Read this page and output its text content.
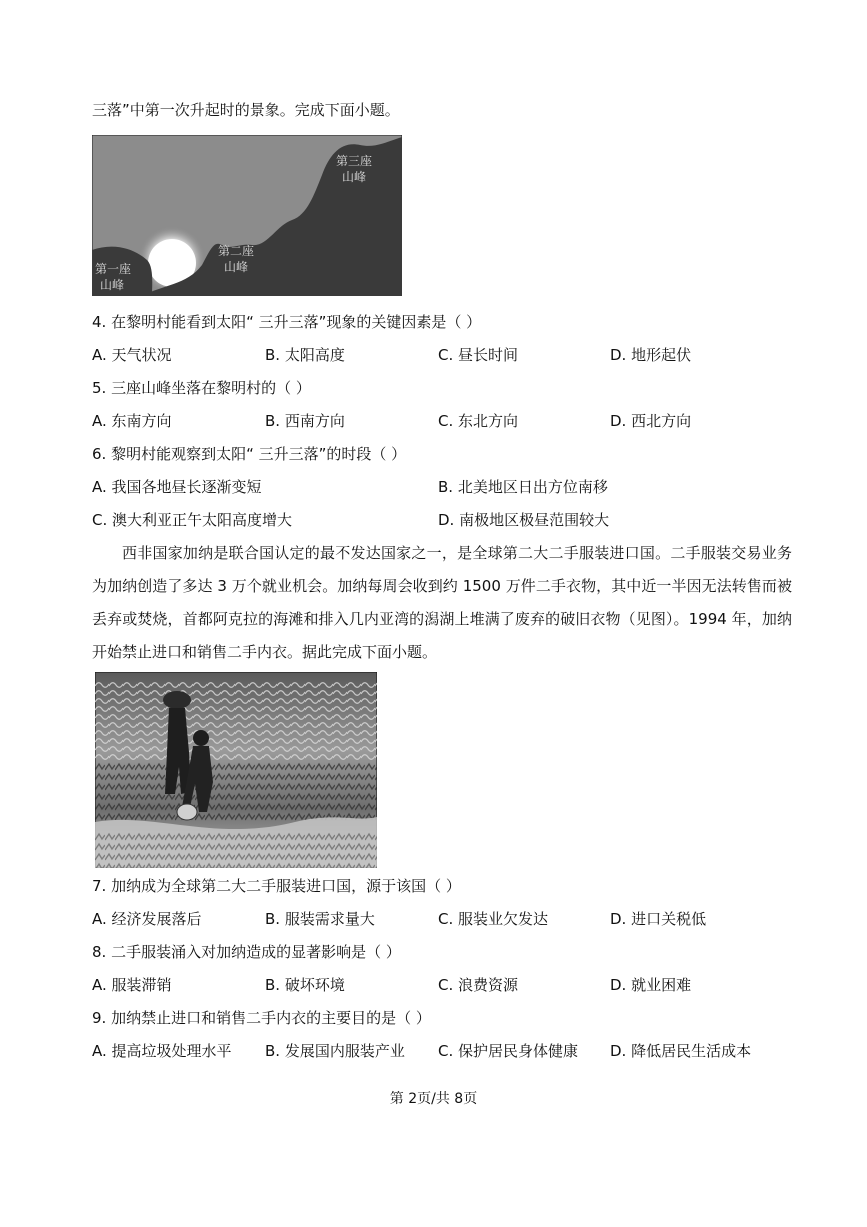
三落”中第一次升起时的景象。完成下面小题。
第一座
山峰
第二座
山峰
第三座
山峰
4. 在黎明村能看到太阳“ 三升三落”现象的关键因素是（ ）
A. 天气状况	B. 太阳高度	C. 昼长时间	D. 地形起伏
5. 三座山峰坐落在黎明村的（ ）
A. 东南方向	B. 西南方向	C. 东北方向	D. 西北方向
6. 黎明村能观察到太阳“ 三升三落”的时段（ ）
A. 我国各地昼长逐渐变短	B. 北美地区日出方位南移
C. 澳大利亚正午太阳高度增大	D. 南极地区极昼范围较大
西非国家加纳是联合国认定的最不发达国家之一，是全球第二大二手服装进口国。二手服装交易业务为加纳创造了多达 3 万个就业机会。加纳每周会收到约 1500 万件二手衣物，其中近一半因无法转售而被丢弃或焚烧，首都阿克拉的海滩和排入几内亚湾的潟湖上堆满了废弃的破旧衣物（见图）。1994 年，加纳开始禁止进口和销售二手内衣。据此完成下面小题。
7. 加纳成为全球第二大二手服装进口国，源于该国（ ）
A. 经济发展落后	B. 服装需求量大	C. 服装业欠发达	D. 进口关税低
8. 二手服装涌入对加纳造成的显著影响是（ ）
A. 服装滞销	B. 破坏环境	C. 浪费资源	D. 就业困难
9. 加纳禁止进口和销售二手内衣的主要目的是（ ）
A. 提高垃圾处理水平 B. 发展国内服装产业 C. 保护居民身体健康 D. 降低居民生活成本
第 2页/共 8页
